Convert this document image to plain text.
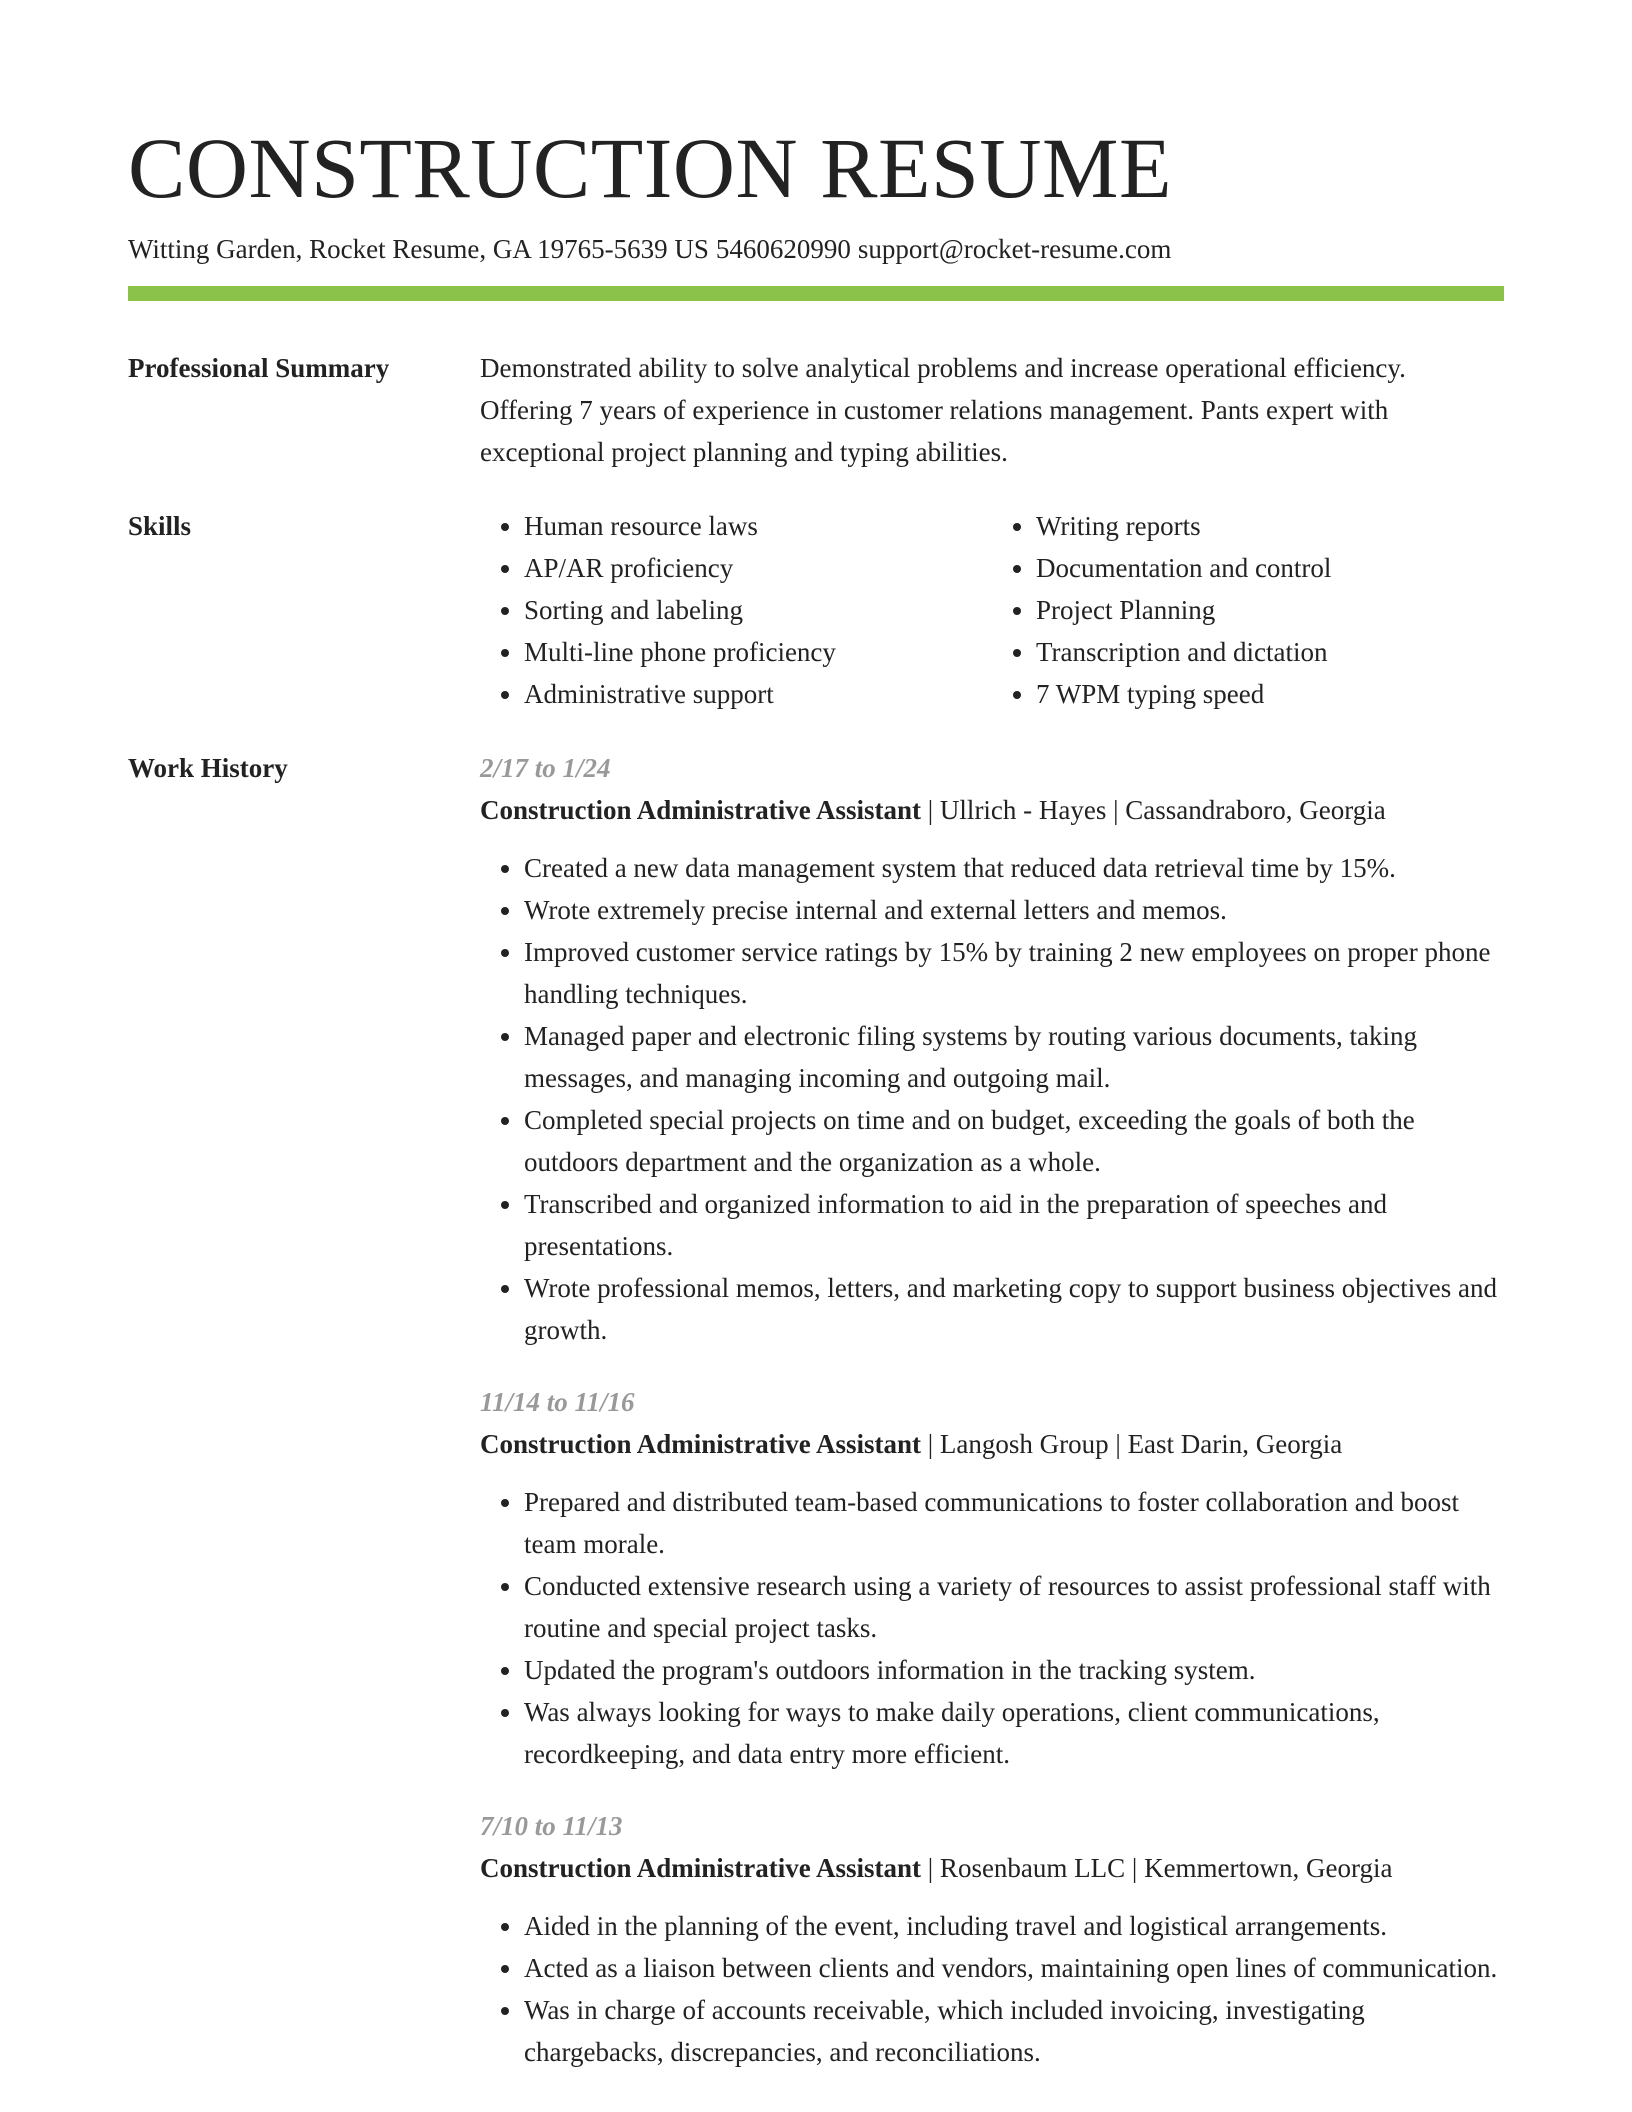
CONSTRUCTION RESUME
Witting Garden, Rocket Resume, GA 19765-5639 US 5460620990 support@rocket-resume.com
Professional Summary	Demonstrated ability to solve analytical problems and increase operational efficiency. Offering 7 years of experience in customer relations management. Pants expert with exceptional project planning and typing abilities.

Skills
•	Human resource laws
• AP/AR proficiency
• Sorting and labeling
• Multi-line phone proficiency
• Administrative support
• Writing reports
• Documentation and control
• Project Planning
• Transcription and dictation
• 7 WPM typing speed
Work History	2/17 to 1/24
Construction Administrative Assistant | Ullrich - Hayes | Cassandraboro, Georgia
• Created a new data management system that reduced data retrieval time by 15%.
• Wrote extremely precise internal and external letters and memos.
• Improved customer service ratings by 15% by training 2 new employees on proper phone handling techniques.
• Managed paper and electronic filing systems by routing various documents, taking messages, and managing incoming and outgoing mail.
• Completed special projects on time and on budget, exceeding the goals of both the outdoors department and the organization as a whole.
• Transcribed and organized information to aid in the preparation of speeches and presentations.
• Wrote professional memos, letters, and marketing copy to support business objectives and growth.
11/14 to 11/16
Construction Administrative Assistant | Langosh Group | East Darin, Georgia
• Prepared and distributed team-based communications to foster collaboration and boost team morale.
• Conducted extensive research using a variety of resources to assist professional staff with routine and special project tasks.
• Updated the program's outdoors information in the tracking system.
• Was always looking for ways to make daily operations, client communications, recordkeeping, and data entry more efficient.
7/10 to 11/13
Construction Administrative Assistant | Rosenbaum LLC | Kemmertown, Georgia
• Aided in the planning of the event, including travel and logistical arrangements.
• Acted as a liaison between clients and vendors, maintaining open lines of communication.
• Was in charge of accounts receivable, which included invoicing, investigating chargebacks, discrepancies, and reconciliations.
